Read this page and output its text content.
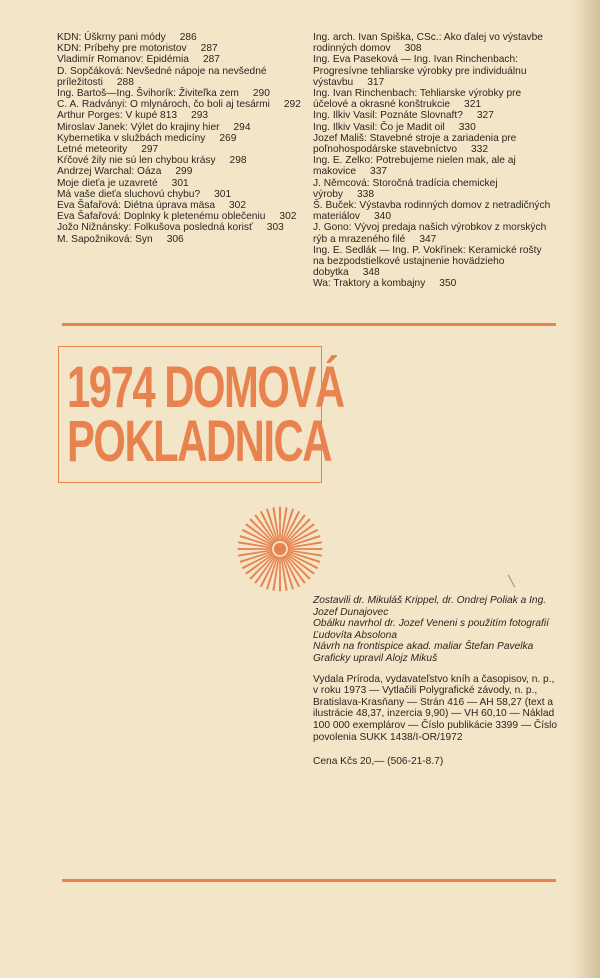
KDN: Úškrny pani módy 286

KDN: Príbehy pre motoristov 287

Vladimír Romanov: Epidémia 287

D. Sopčáková: Nevšedné nápoje na nevšedné príležitosti 288

Ing. Bartoš—Ing. Švihorík: Živiteľka zem 290

C. A. Radványi: O mlynároch, čo boli aj tesármi 292

Arthur Porges: V kupé 813 293

Miroslav Janek: Výlet do krajiny hier 294

Kybernetika v službách medicíny 269

Letné meteority 297

Kŕčové žily nie sú len chybou krásy 298

Andrzej Warchal: Oáza 299

Moje dieťa je uzavreté 301

Má vaše dieťa sluchovú chybu? 301

Eva Šafařová: Diétna úprava mäsa 302

Eva Šafařová: Doplnky k pletenému oblečeniu 302

Jožo Nižnánsky: Folkušova posledná korisť 303

M. Sapožniková: Syn 306

Ing. arch. Ivan Spiška, CSc.: Ako ďalej vo výstavbe rodinných domov 308

Ing. Eva Paseková — Ing. Ivan Rinchenbach: Progresívne tehliarske výrobky pre individuálnu výstavbu 317

Ing. Ivan Rinchenbach: Tehliarske výrobky pre účelové a okrasné konštrukcie 321

Ing. Ilkiv Vasil: Poznáte Slovnaft? 327

Ing. Ilkiv Vasil: Čo je Madit oil 330

Jozef Mališ: Stavebné stroje a zariadenia pre poľnohospodárske stavebníctvo 332

Ing. E. Zelko: Potrebujeme nielen mak, ale aj makovice 337

J. Němcová: Storočná tradícia chemickej výroby 338

Š. Buček: Výstavba rodinných domov z netradičných materiálov 340

J. Gono: Vývoj predaja našich výrobkov z morských rýb a mrazeného filé 347

Ing. E. Sedlák — Ing. P. Vokřínek: Keramické rošty na bezpodstielkové ustajnenie hovädzieho dobytka 348

Wa: Traktory a kombajny 350

1974 DOMOVÁ
POKLADNICA

Zostavili dr. Mikuláš Krippel, dr. Ondrej Poliak a Ing. Jozef Dunajovec

Obálku navrhol dr. Jozef Veneni s použitím fotografií Ľudovíta Absolona

Návrh na frontispice akad. maliar Štefan Pavelka

Graficky upravil Alojz Mikuš

Vydala Príroda, vydavateľstvo kníh a časopisov, n. p., v roku 1973 — Vytlačili Polygrafické závody, n. p., Bratislava-Krasňany — Strán 416 — AH 58,27 (text a ilustrácie 48,37, inzercia 9,90) — VH 60,10 — Náklad 100 000 exemplárov — Číslo publikácie 3399 — Číslo povolenia SUKK 1438/I-OR/1972

Cena Kčs 20,— (506-21-8.7)
